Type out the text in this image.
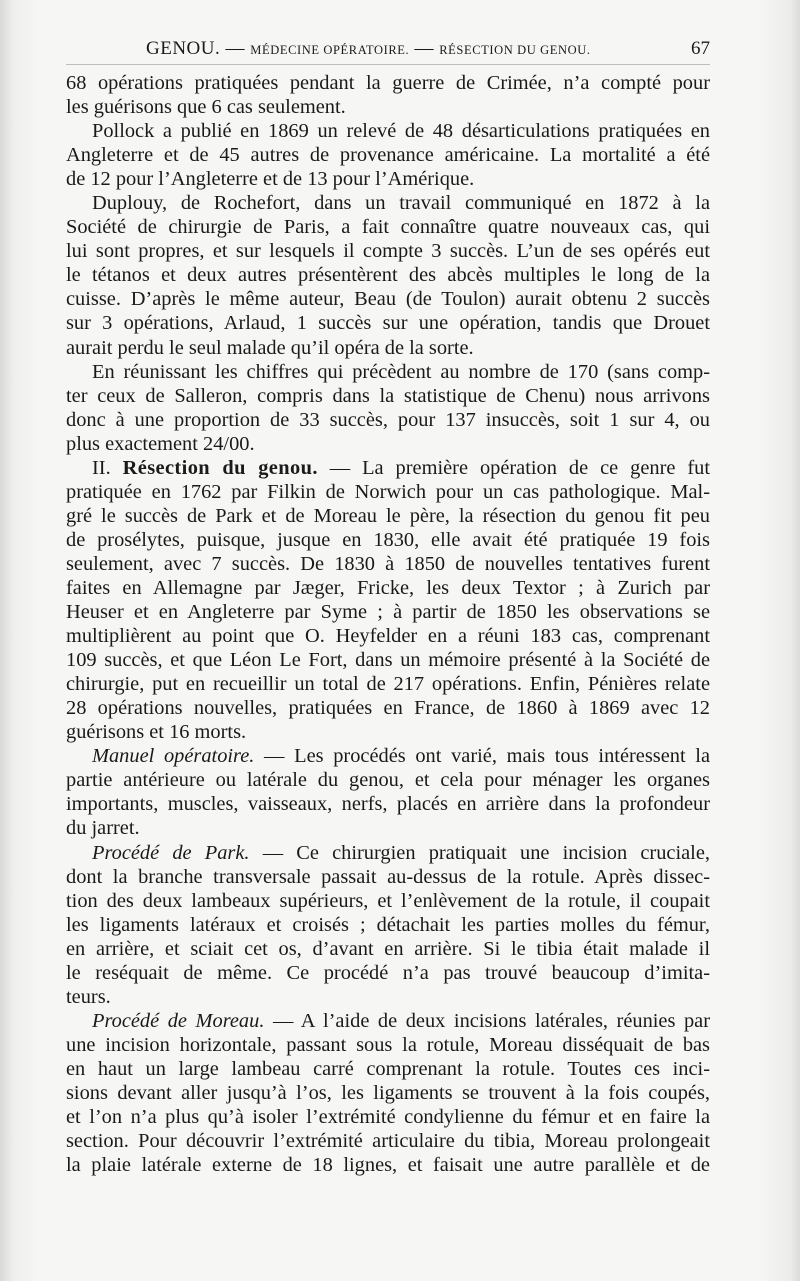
GENOU. — MÉDECINE OPÉRATOIRE. — RÉSECTION DU GENOU.	67
68 opérations pratiquées pendant la guerre de Crimée, n’a compté pour
les guérisons que 6 cas seulement.
Pollock a publié en 1869 un relevé de 48 désarticulations pratiquées en
Angleterre et de 45 autres de provenance américaine. La mortalité a été
de 12 pour l’Angleterre et de 13 pour l’Amérique.
Duplouy, de Rochefort, dans un travail communiqué en 1872 à la
Société de chirurgie de Paris, a fait connaître quatre nouveaux cas, qui
lui sont propres, et sur lesquels il compte 3 succès. L’un de ses opérés eut
le tétanos et deux autres présentèrent des abcès multiples le long de la
cuisse. D’après le même auteur, Beau (de Toulon) aurait obtenu 2 succès
sur 3 opérations, Arlaud, 1 succès sur une opération, tandis que Drouet
aurait perdu le seul malade qu’il opéra de la sorte.
En réunissant les chiffres qui précèdent au nombre de 170 (sans comp-
ter ceux de Salleron, compris dans la statistique de Chenu) nous arrivons
donc à une proportion de 33 succès, pour 137 insuccès, soit 1 sur 4, ou
plus exactement 24/00.
II. Résection du genou. — La première opération de ce genre fut
pratiquée en 1762 par Filkin de Norwich pour un cas pathologique. Mal-
gré le succès de Park et de Moreau le père, la résection du genou fit peu
de prosélytes, puisque, jusque en 1830, elle avait été pratiquée 19 fois
seulement, avec 7 succès. De 1830 à 1850 de nouvelles tentatives furent
faites en Allemagne par Jæger, Fricke, les deux Textor ; à Zurich par
Heuser et en Angleterre par Syme ; à partir de 1850 les observations se
multiplièrent au point que O. Heyfelder en a réuni 183 cas, comprenant
109 succès, et que Léon Le Fort, dans un mémoire présenté à la Société de
chirurgie, put en recueillir un total de 217 opérations. Enfin, Pénières relate
28 opérations nouvelles, pratiquées en France, de 1860 à 1869 avec 12
guérisons et 16 morts.
Manuel opératoire. — Les procédés ont varié, mais tous intéressent la
partie antérieure ou latérale du genou, et cela pour ménager les organes
importants, muscles, vaisseaux, nerfs, placés en arrière dans la profondeur
du jarret.
Procédé de Park. — Ce chirurgien pratiquait une incision cruciale,
dont la branche transversale passait au-dessus de la rotule. Après dissec-
tion des deux lambeaux supérieurs, et l’enlèvement de la rotule, il coupait
les ligaments latéraux et croisés ; détachait les parties molles du fémur,
en arrière, et sciait cet os, d’avant en arrière. Si le tibia était malade il
le reséquait de même. Ce procédé n’a pas trouvé beaucoup d’imita-
teurs.
Procédé de Moreau. — A l’aide de deux incisions latérales, réunies par
une incision horizontale, passant sous la rotule, Moreau disséquait de bas
en haut un large lambeau carré comprenant la rotule. Toutes ces inci-
sions devant aller jusqu’à l’os, les ligaments se trouvent à la fois coupés,
et l’on n’a plus qu’à isoler l’extrémité condylienne du fémur et en faire la
section. Pour découvrir l’extrémité articulaire du tibia, Moreau prolongeait
la plaie latérale externe de 18 lignes, et faisait une autre parallèle et de
